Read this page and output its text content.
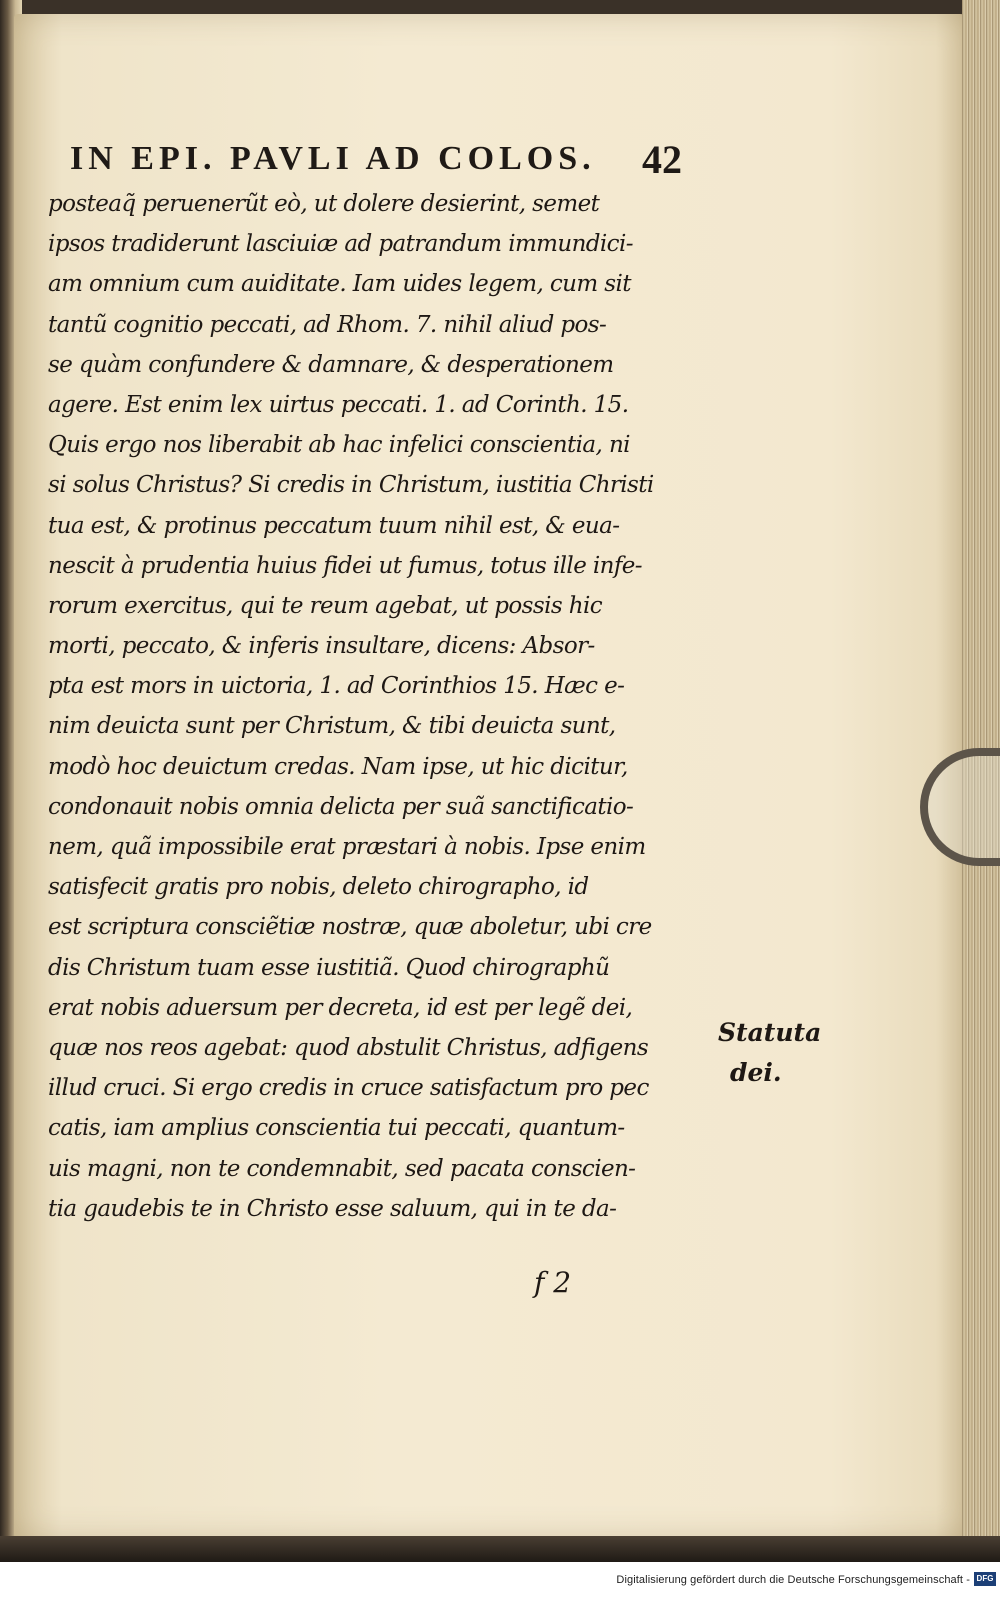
IN EPI. PAVLI AD COLOS.	42
posteaq̃ peruenerũt eò, ut dolere desierint, semet
ipsos tradiderunt lasciuiæ ad patrandum immundici-
am omnium cum auiditate. Iam uides legem, cum sit
tantũ cognitio peccati, ad Rhom. 7. nihil aliud pos-
se quàm confundere & damnare, & desperationem
agere. Est enim lex uirtus peccati. 1. ad Corinth. 15.
Quis ergo nos liberabit ab hac infelici conscientia, ni
si solus Christus? Si credis in Christum, iustitia Christi
tua est, & protinus peccatum tuum nihil est, & eua-
nescit à prudentia huius fidei ut fumus, totus ille infe-
rorum exercitus, qui te reum agebat, ut possis hic
morti, peccato, & inferis insultare, dicens: Absor-
pta est mors in uictoria, 1. ad Corinthios 15. Hæc e-
nim deuicta sunt per Christum, & tibi deuicta sunt,
modò hoc deuictum credas. Nam ipse, ut hic dicitur,
condonauit nobis omnia delicta per suã sanctificatio-
nem, quã impossibile erat præstari à nobis. Ipse enim
satisfecit gratis pro nobis, deleto chirographo, id
est scriptura consciẽtiæ nostræ, quæ aboletur, ubi cre
dis Christum tuam esse iustitiã. Quod chirographũ
erat nobis aduersum per decreta, id est per legẽ dei,
quæ nos reos agebat: quod abstulit Christus, adfigens
illud cruci. Si ergo credis in cruce satisfactum pro pec
catis, iam amplius conscientia tui peccati, quantum-
uis magni, non te condemnabit, sed pacata conscien-
tia gaudebis te in Christo esse saluum, qui in te da-
Statuta
dei.
f 2
Digitalisierung gefördert durch die Deutsche Forschungsgemeinschaft - DFG
